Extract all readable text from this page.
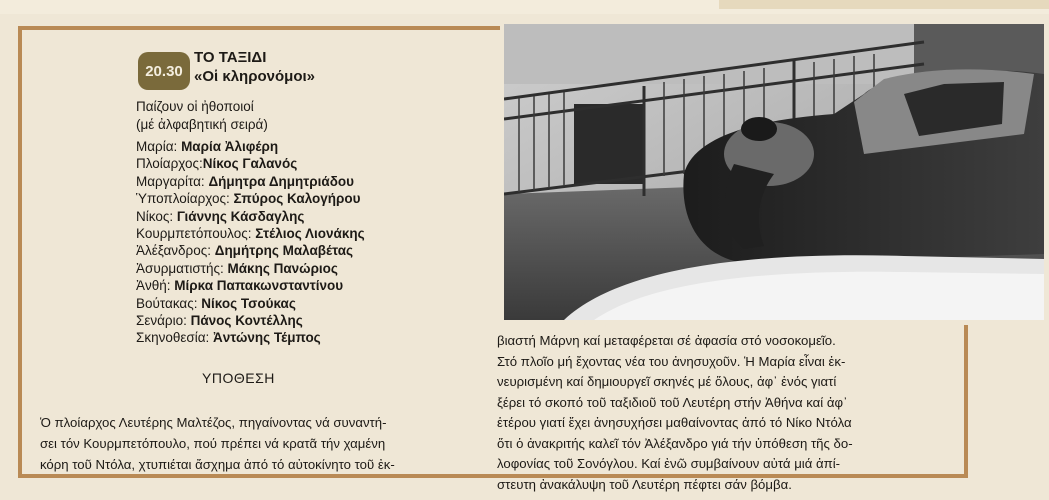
20.30
ΤΟ ΤΑΞΙΔΙ
«Οἱ κληρονόμοι»
Παίζουν οἱ ἠθοποιοί
(μέ ἀλφαβητική σειρά)
Μαρία: Μαρία Ἀλιφέρη
Πλοίαρχος:Νίκος Γαλανός
Μαργαρίτα: Δήμητρα Δημητριάδου
Ὑποπλοίαρχος: Σπύρος Καλογήρου
Νίκος: Γιάννης Κάσδαγλης
Κουρμπετόπουλος: Στέλιος Λιονάκης
Ἀλέξανδρος: Δημήτρης Μαλαβέτας
Ἀσυρματιστής: Μάκης Πανώριος
Ἀνθή: Μίρκα Παπακωνσταντίνου
Βούτακας: Νίκος Τσούκας
Σενάριο: Πάνος Κοντέλλης
Σκηνοθεσία: Ἀντώνης Τέμπος
ΥΠΟΘΕΣΗ
Ὁ πλοίαρχος Λευτέρης Μαλτέζος, πηγαίνοντας νά συναντή-
σει τόν Κουρμπετόπουλο, πού πρέπει νά κρατᾶ τήν χαμένη
κόρη τοῦ Ντόλα, χτυπιέται ἄσχημα ἀπό τό αὐτοκίνητο τοῦ ἐκ-
βιαστή Μάρνη καί μεταφέρεται σέ ἀφασία στό νοσοκομεῖο.
Στό πλοῖο μή ἔχοντας νέα του ἀνησυχοῦν. Ἡ Μαρία εἶναι ἐκ-
νευρισμένη καί δημιουργεῖ σκηνές μέ ὅλους, ἀφ᾿ ἑνός γιατί
ξέρει τό σκοπό τοῦ ταξιδιοῦ τοῦ Λευτέρη στήν Ἀθήνα καί ἀφ᾿
ἑτέρου γιατί ἔχει ἀνησυχήσει μαθαίνοντας ἀπό τό Νίκο Ντόλα
ὅτι ὁ ἀνακριτής καλεῖ τόν Ἀλέξανδρο γιά τήν ὑπόθεση τῆς δο-
λοφονίας τοῦ Σονόγλου. Καί ἐνῶ συμβαίνουν αὐτά μιά ἀπί-
στευτη ἀνακάλυψη τοῦ Λευτέρη πέφτει σάν βόμβα.
